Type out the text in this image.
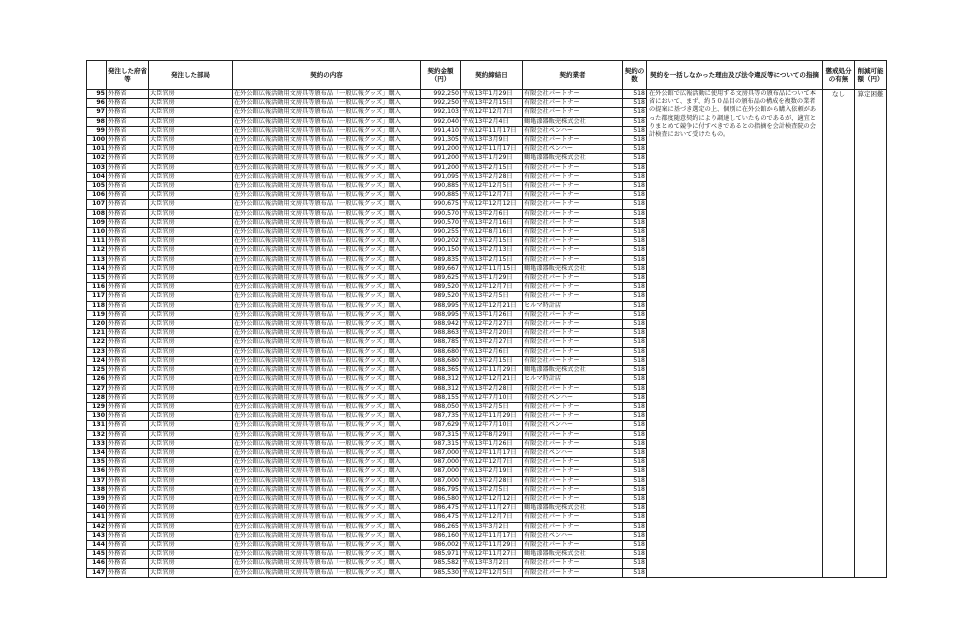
	発注した府省等	発注した部局	契約の内容	契約金額（円）	契約締結日	契約業者	契約の数	契約を一括しなかった理由及び法令違反等についての指摘	懲戒処分の有無	削減可能額（円）
95	外務省	大臣官房	在外公館広報活動用文房具等頒布品「一般広報グッズ」購入	992,250	平成13年1月29日	有限会社パートナー	518	在外公館で広報活動に使用する文房具等の頒布品について本省において、まず、約５０品目の頒布品の構成を複数の業者の提案に基づき選定の上、個別に在外公館から購入依頼があった都度随意契約により調達していたものであるが、適宜とりまとめて競争に付すべきであるとの指摘を会計検査院の会計検査において受けたもの。	なし	算定困難
96	外務省	大臣官房	在外公館広報活動用文房具等頒布品「一般広報グッズ」購入	992,250	平成13年2月15日	有限会社パートナー	518			
97	外務省	大臣官房	在外公館広報活動用文房具等頒布品「一般広報グッズ」購入	992,103	平成12年12月7日	有限会社パートナー	518			
98	外務省	大臣官房	在外公館広報活動用文房具等頒布品「一般広報グッズ」購入	992,040	平成13年2月4日	鶴亀漆器販売株式会社	518			
99	外務省	大臣官房	在外公館広報活動用文房具等頒布品「一般広報グッズ」購入	991,410	平成12年11月17日	有限会社ペンハー	518			
100	外務省	大臣官房	在外公館広報活動用文房具等頒布品「一般広報グッズ」購入	991,305	平成13年3月9日	有限会社パートナー	518			
101	外務省	大臣官房	在外公館広報活動用文房具等頒布品「一般広報グッズ」購入	991,200	平成12年11月17日	有限会社ペンハー	518			
102	外務省	大臣官房	在外公館広報活動用文房具等頒布品「一般広報グッズ」購入	991,200	平成13年1月29日	鶴亀漆器販売株式会社	518			
103	外務省	大臣官房	在外公館広報活動用文房具等頒布品「一般広報グッズ」購入	991,200	平成13年2月15日	有限会社パートナー	518			
104	外務省	大臣官房	在外公館広報活動用文房具等頒布品「一般広報グッズ」購入	991,095	平成13年2月28日	有限会社パートナー	518			
105	外務省	大臣官房	在外公館広報活動用文房具等頒布品「一般広報グッズ」購入	990,885	平成12年12月5日	有限会社パートナー	518			
106	外務省	大臣官房	在外公館広報活動用文房具等頒布品「一般広報グッズ」購入	990,885	平成12年12月7日	有限会社パートナー	518			
107	外務省	大臣官房	在外公館広報活動用文房具等頒布品「一般広報グッズ」購入	990,675	平成12年12月12日	有限会社パートナー	518			
108	外務省	大臣官房	在外公館広報活動用文房具等頒布品「一般広報グッズ」購入	990,570	平成13年2月6日	有限会社パートナー	518			
109	外務省	大臣官房	在外公館広報活動用文房具等頒布品「一般広報グッズ」購入	990,570	平成13年2月16日	有限会社パートナー	518			
110	外務省	大臣官房	在外公館広報活動用文房具等頒布品「一般広報グッズ」購入	990,255	平成12年8月16日	有限会社パートナー	518			
111	外務省	大臣官房	在外公館広報活動用文房具等頒布品「一般広報グッズ」購入	990,202	平成13年2月15日	有限会社パートナー	518			
112	外務省	大臣官房	在外公館広報活動用文房具等頒布品「一般広報グッズ」購入	990,150	平成13年2月13日	有限会社パートナー	518			
113	外務省	大臣官房	在外公館広報活動用文房具等頒布品「一般広報グッズ」購入	989,835	平成13年2月15日	有限会社パートナー	518			
114	外務省	大臣官房	在外公館広報活動用文房具等頒布品「一般広報グッズ」購入	989,667	平成12年11月15日	鶴亀漆器販売株式会社	518			
115	外務省	大臣官房	在外公館広報活動用文房具等頒布品「一般広報グッズ」購入	989,625	平成13年1月29日	有限会社パートナー	518			
116	外務省	大臣官房	在外公館広報活動用文房具等頒布品「一般広報グッズ」購入	989,520	平成12年12月7日	有限会社パートナー	518			
117	外務省	大臣官房	在外公館広報活動用文房具等頒布品「一般広報グッズ」購入	989,520	平成13年2月5日	有限会社パートナー	518			
118	外務省	大臣官房	在外公館広報活動用文房具等頒布品「一般広報グッズ」購入	988,995	平成12年12月21日	ヒルマ時計店	518			
119	外務省	大臣官房	在外公館広報活動用文房具等頒布品「一般広報グッズ」購入	988,995	平成13年1月26日	有限会社パートナー	518			
120	外務省	大臣官房	在外公館広報活動用文房具等頒布品「一般広報グッズ」購入	988,942	平成12年2月27日	有限会社パートナー	518			
121	外務省	大臣官房	在外公館広報活動用文房具等頒布品「一般広報グッズ」購入	988,863	平成13年2月20日	有限会社パートナー	518			
122	外務省	大臣官房	在外公館広報活動用文房具等頒布品「一般広報グッズ」購入	988,785	平成13年2月27日	有限会社パートナー	518			
123	外務省	大臣官房	在外公館広報活動用文房具等頒布品「一般広報グッズ」購入	988,680	平成13年2月6日	有限会社パートナー	518			
124	外務省	大臣官房	在外公館広報活動用文房具等頒布品「一般広報グッズ」購入	988,680	平成13年2月15日	有限会社パートナー	518			
125	外務省	大臣官房	在外公館広報活動用文房具等頒布品「一般広報グッズ」購入	988,365	平成12年11月29日	鶴亀漆器販売株式会社	518			
126	外務省	大臣官房	在外公館広報活動用文房具等頒布品「一般広報グッズ」購入	988,312	平成12年12月21日	ヒルマ時計店	518			
127	外務省	大臣官房	在外公館広報活動用文房具等頒布品「一般広報グッズ」購入	988,312	平成13年2月28日	有限会社パートナー	518			
128	外務省	大臣官房	在外公館広報活動用文房具等頒布品「一般広報グッズ」購入	988,155	平成12年7月10日	有限会社ペンハー	518			
129	外務省	大臣官房	在外公館広報活動用文房具等頒布品「一般広報グッズ」購入	988,050	平成13年2月5日	有限会社パートナー	518			
130	外務省	大臣官房	在外公館広報活動用文房具等頒布品「一般広報グッズ」購入	987,735	平成12年11月29日	有限会社パートナー	518			
131	外務省	大臣官房	在外公館広報活動用文房具等頒布品「一般広報グッズ」購入	987,629	平成12年7月10日	有限会社ペンハー	518			
132	外務省	大臣官房	在外公館広報活動用文房具等頒布品「一般広報グッズ」購入	987,315	平成12年8月29日	有限会社パートナー	518			
133	外務省	大臣官房	在外公館広報活動用文房具等頒布品「一般広報グッズ」購入	987,315	平成13年1月26日	有限会社パートナー	518			
134	外務省	大臣官房	在外公館広報活動用文房具等頒布品「一般広報グッズ」購入	987,000	平成12年11月17日	有限会社ペンハー	518			
135	外務省	大臣官房	在外公館広報活動用文房具等頒布品「一般広報グッズ」購入	987,000	平成12年12月7日	有限会社パートナー	518			
136	外務省	大臣官房	在外公館広報活動用文房具等頒布品「一般広報グッズ」購入	987,000	平成13年2月19日	有限会社パートナー	518			
137	外務省	大臣官房	在外公館広報活動用文房具等頒布品「一般広報グッズ」購入	987,000	平成13年2月28日	有限会社パートナー	518			
138	外務省	大臣官房	在外公館広報活動用文房具等頒布品「一般広報グッズ」購入	986,795	平成13年2月5日	有限会社パートナー	518			
139	外務省	大臣官房	在外公館広報活動用文房具等頒布品「一般広報グッズ」購入	986,580	平成12年12月12日	有限会社パートナー	518			
140	外務省	大臣官房	在外公館広報活動用文房具等頒布品「一般広報グッズ」購入	986,475	平成12年11月27日	鶴亀漆器販売株式会社	518			
141	外務省	大臣官房	在外公館広報活動用文房具等頒布品「一般広報グッズ」購入	986,475	平成12年12月7日	有限会社パートナー	518			
142	外務省	大臣官房	在外公館広報活動用文房具等頒布品「一般広報グッズ」購入	986,265	平成13年3月2日	有限会社パートナー	518			
143	外務省	大臣官房	在外公館広報活動用文房具等頒布品「一般広報グッズ」購入	986,160	平成12年11月17日	有限会社ペンハー	518			
144	外務省	大臣官房	在外公館広報活動用文房具等頒布品「一般広報グッズ」購入	986,002	平成12年11月29日	有限会社パートナー	518			
145	外務省	大臣官房	在外公館広報活動用文房具等頒布品「一般広報グッズ」購入	985,971	平成12年11月27日	鶴亀漆器販売株式会社	518			
146	外務省	大臣官房	在外公館広報活動用文房具等頒布品「一般広報グッズ」購入	985,582	平成13年3月2日	有限会社パートナー	518			
147	外務省	大臣官房	在外公館広報活動用文房具等頒布品「一般広報グッズ」購入	985,530	平成12年12月5日	有限会社パートナー	518			
